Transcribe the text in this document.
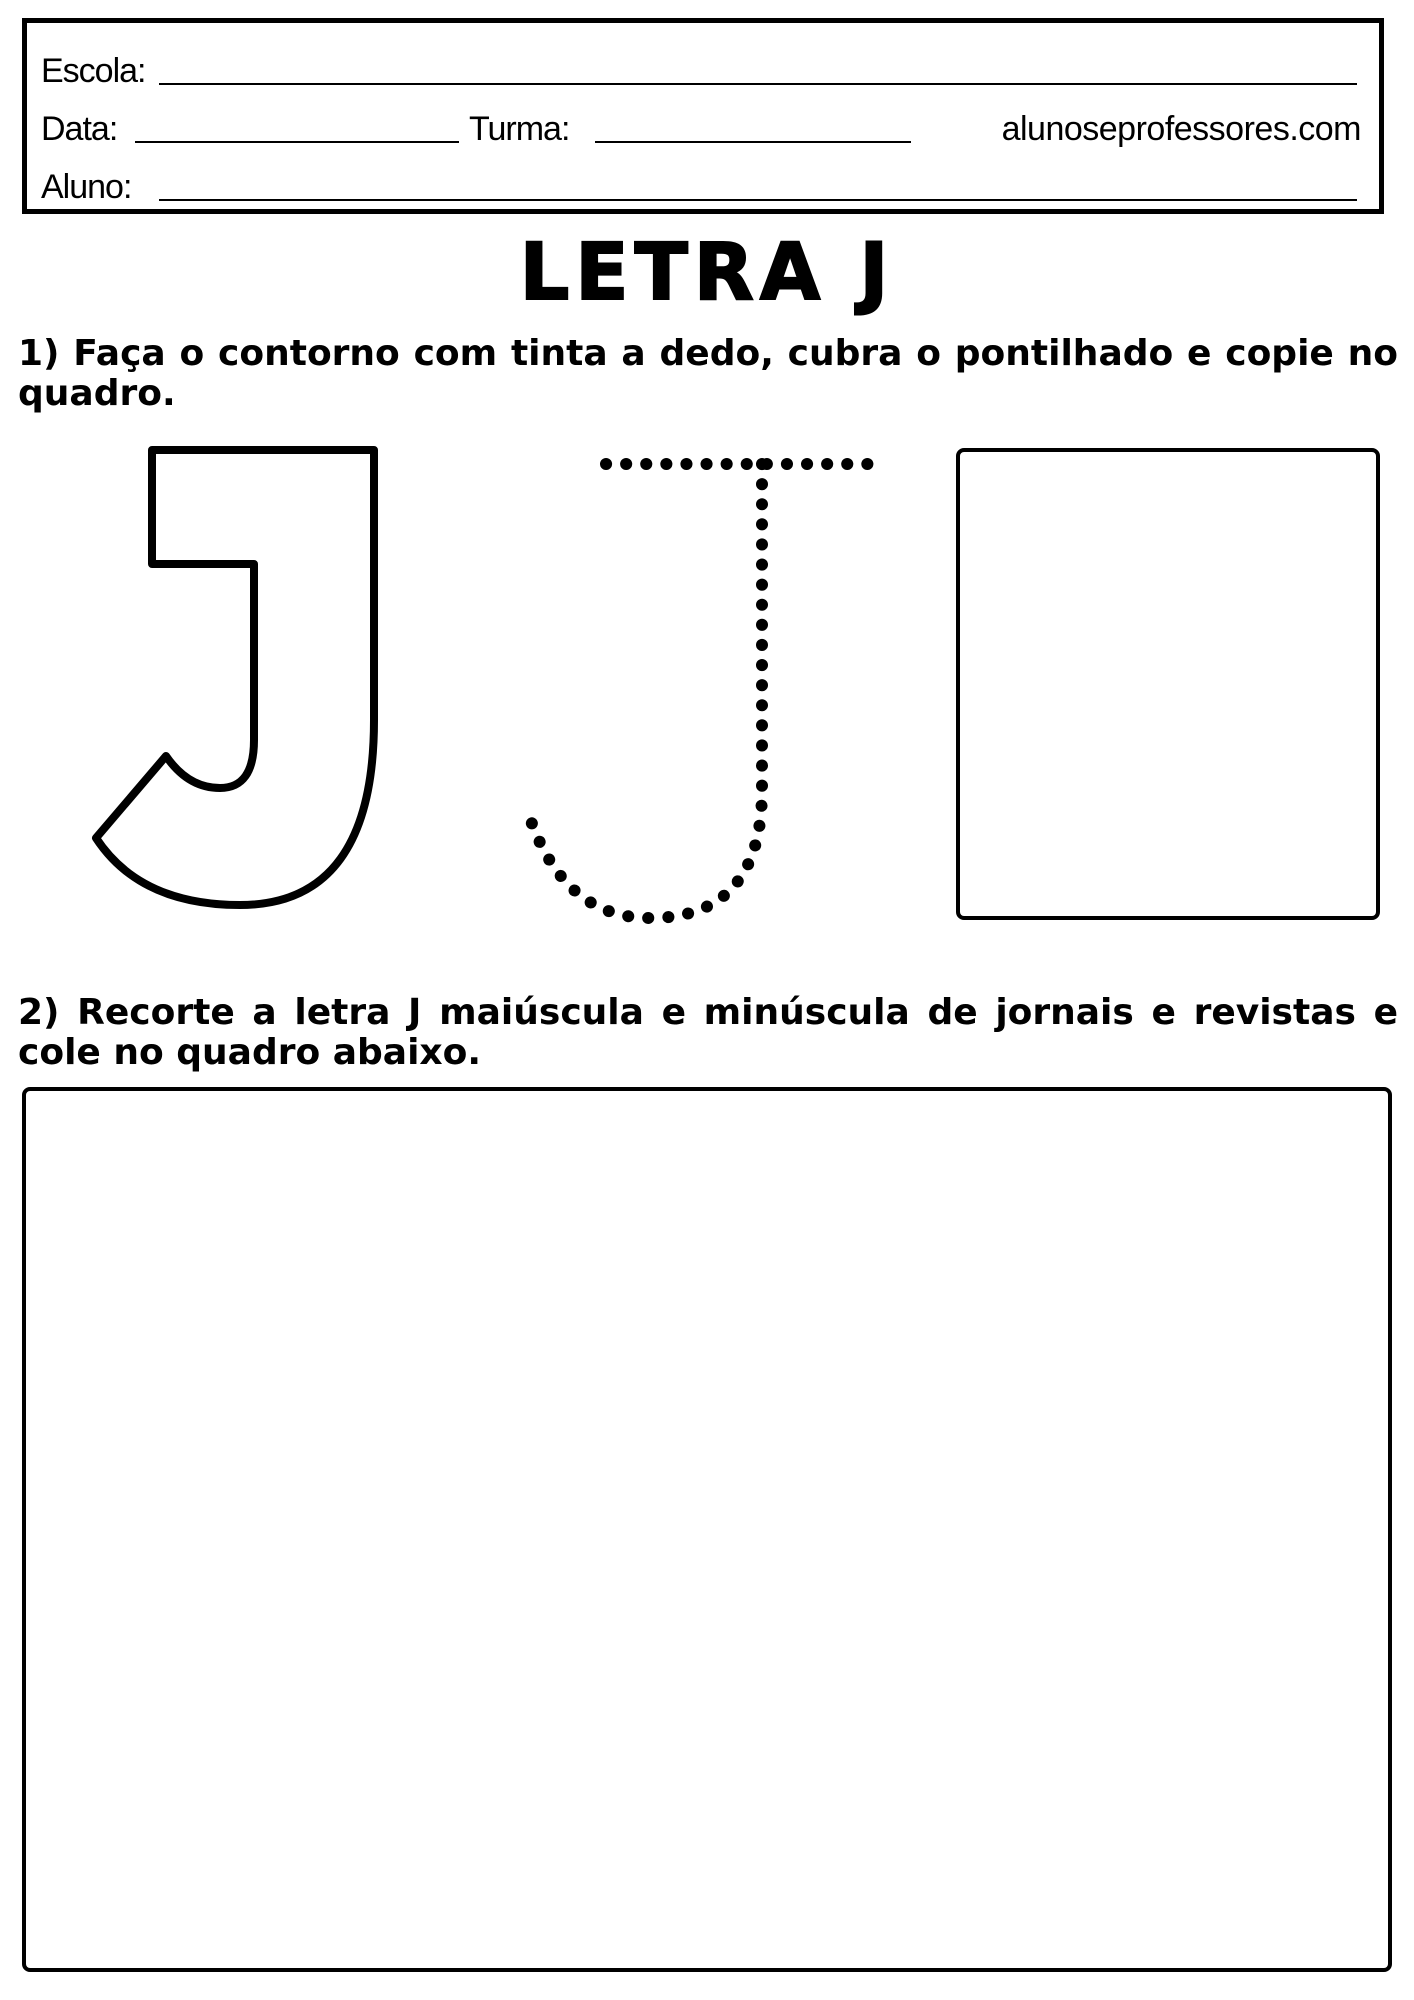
Escola:
Data:	Turma:	alunoseprofessores.com
Aluno:
LETRA J
1) Faça o contorno com tinta a dedo, cubra o pontilhado e copie no quadro.
2) Recorte a letra J maiúscula e minúscula de jornais e revistas e cole no quadro abaixo.
